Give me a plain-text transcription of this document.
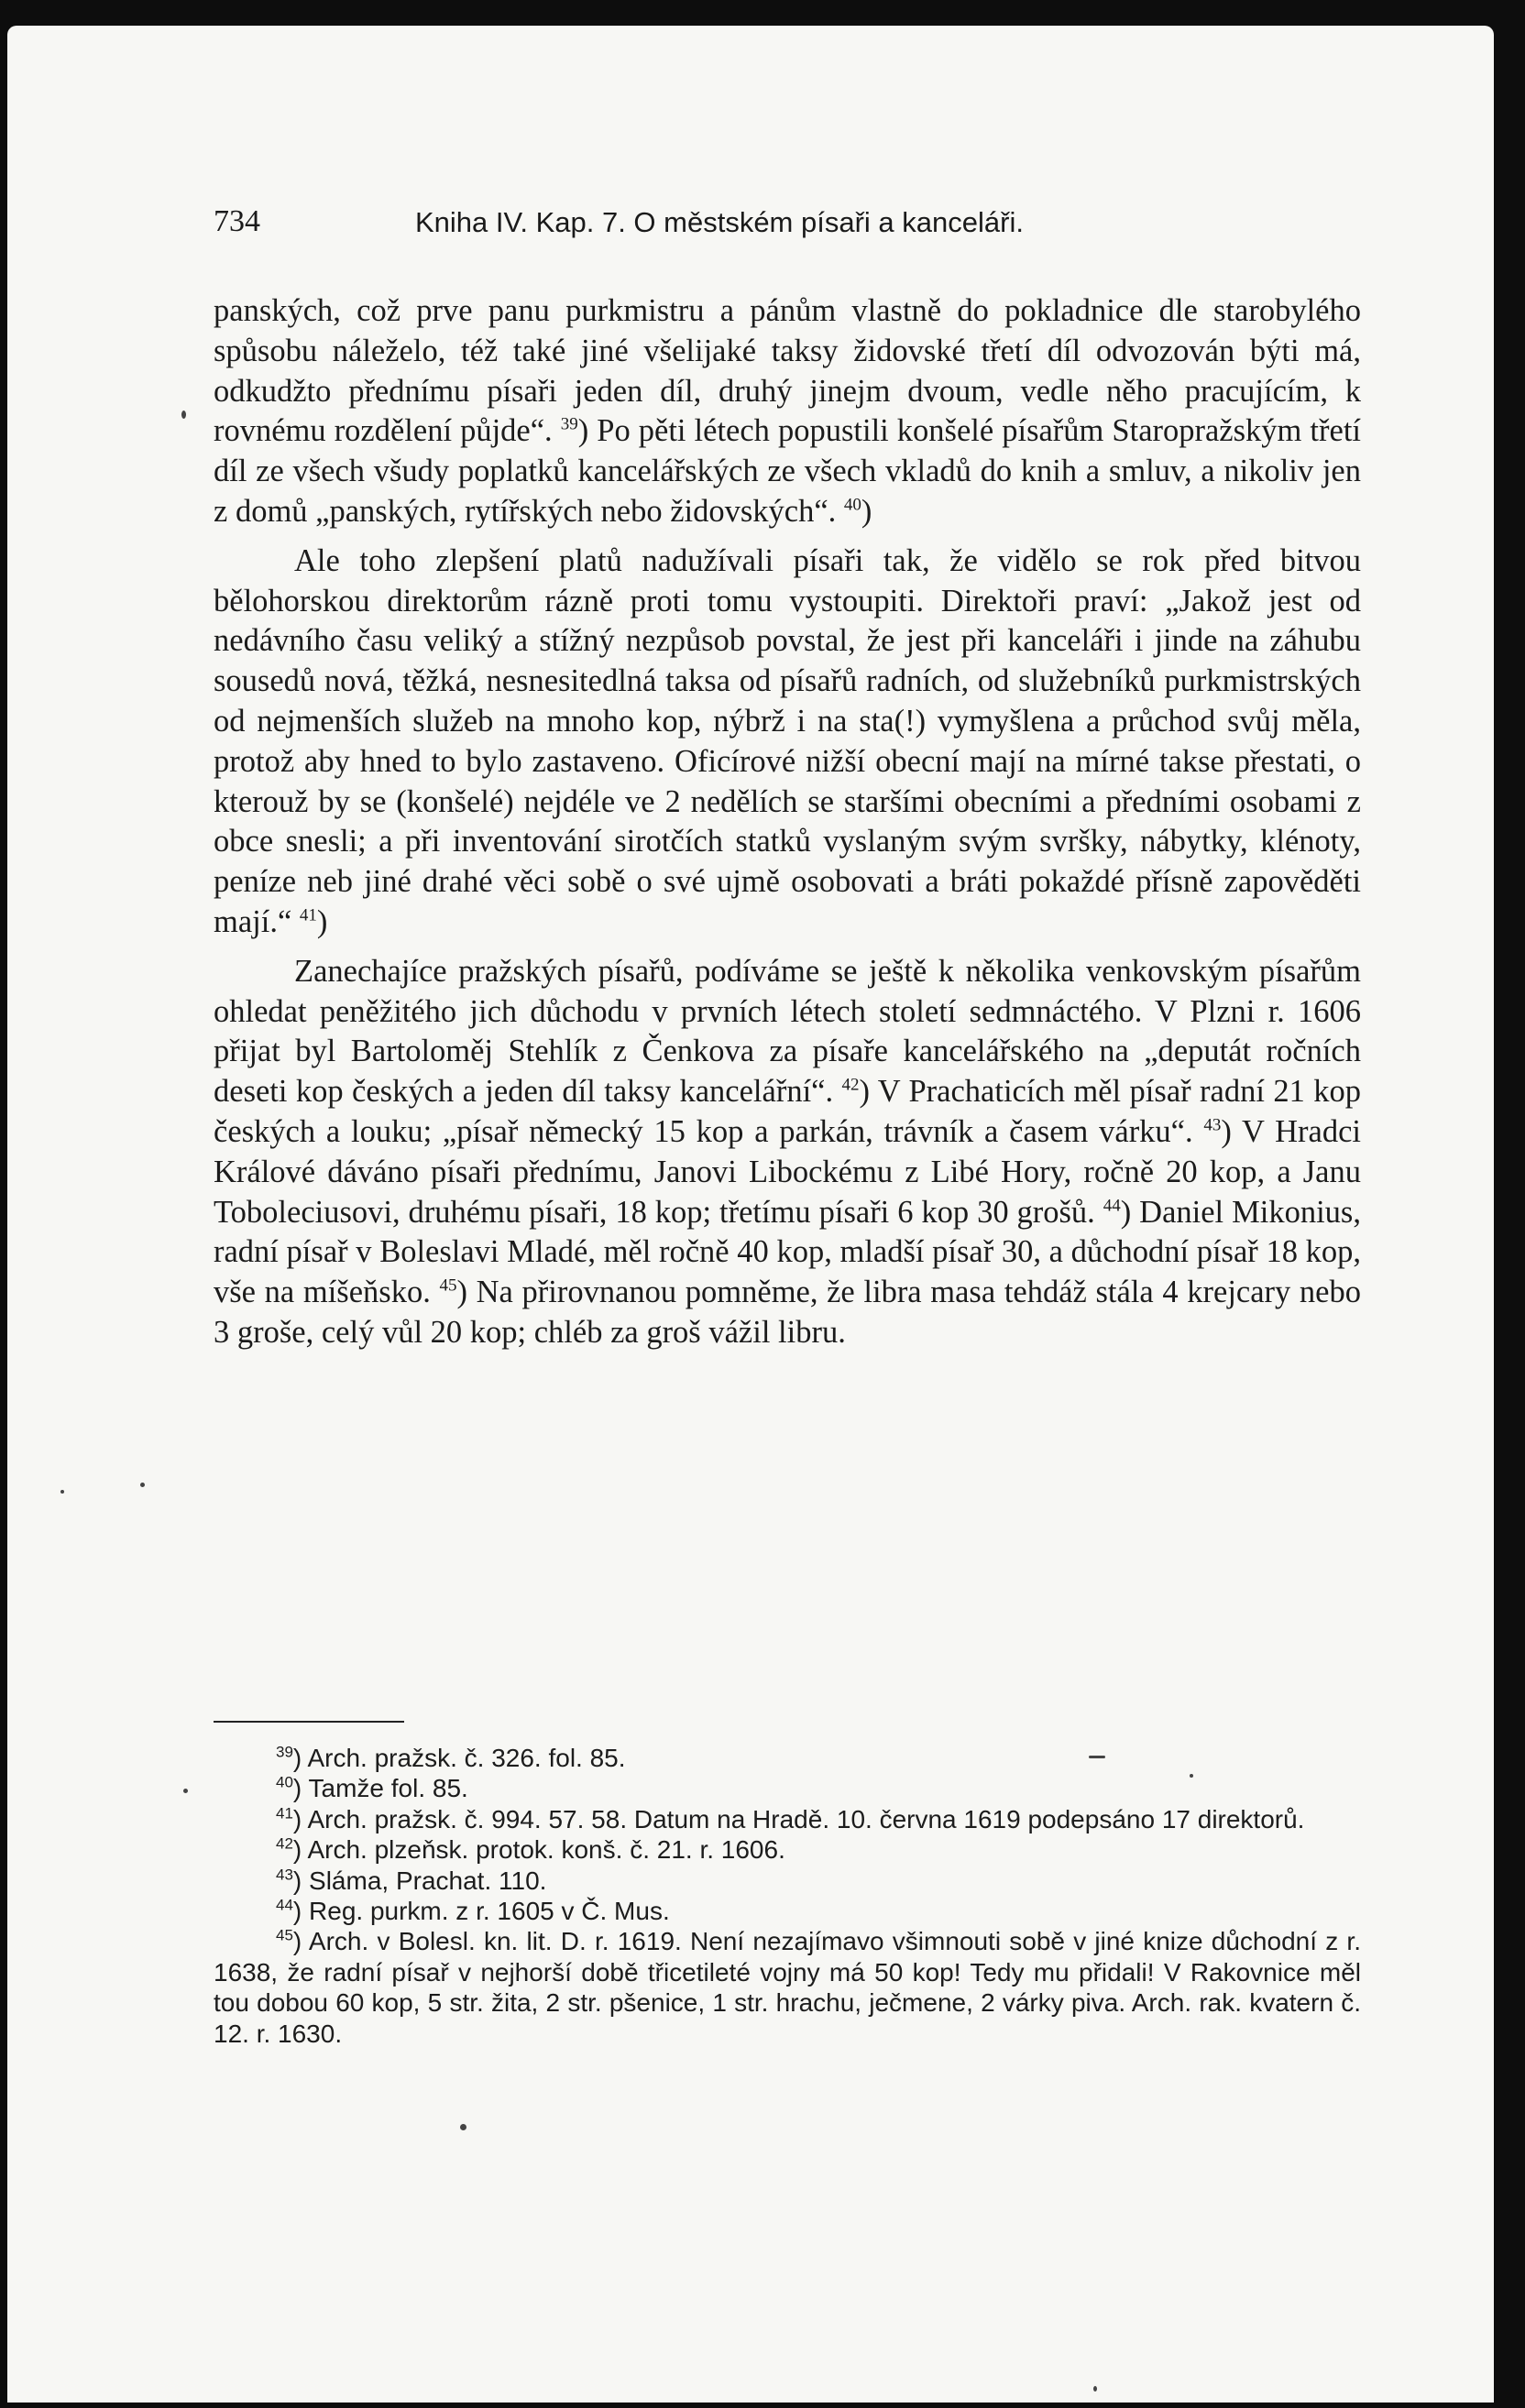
734	Kniha IV. Kap. 7. O městském písaři a kanceláři.

panských, což prve panu purkmistru a pánům vlastně do pokladnice dle starobylého spůsobu náleželo, též také jiné všelijaké taksy židovské třetí díl odvozován býti má, odkudžto přednímu písaři jeden díl, druhý jinejm dvoum, vedle něho pracujícím, k rovnému rozdělení půjde“. $^{39}$) Po pěti létech popustili konšelé písařům Staropražským třetí díl ze všech všudy poplatků kancelářských ze všech vkladů do knih a smluv, a nikoliv jen z domů „panských, rytířských nebo židovských“. $^{40}$)

Ale toho zlepšení platů nadužívali písaři tak, že vidělo se rok před bitvou bělohorskou direktorům rázně proti tomu vystoupiti. Direktoři praví: „Jakož jest od nedávního času veliký a stížný nezpůsob povstal, že jest při kanceláři i jinde na záhubu sousedů nová, těžká, nesnesitedlná taksa od písařů radních, od služebníků purkmistrských od nejmenších služeb na mnoho kop, nýbrž i na sta(!) vymyšlena a průchod svůj měla, protož aby hned to bylo zastaveno. Oficírové nižší obecní mají na mírné takse přestati, o kterouž by se (konšelé) nejdéle ve 2 nedělích se staršími obecními a předními osobami z obce snesli; a při inventování sirotčích statků vyslaným svým svršky, nábytky, klénoty, peníze neb jiné drahé věci sobě o své ujmě osobovati a bráti pokaždé přísně zapověděti mají.“ $^{41}$)

Zanechajíce pražských písařů, podíváme se ještě k několika venkovským písařům ohledat peněžitého jich důchodu v prvních létech století sedmnáctého. V Plzni r. 1606 přijat byl Bartoloměj Stehlík z Čenkova za písaře kancelářského na „deputát ročních deseti kop českých a jeden díl taksy kancelářní“. $^{42}$) V Prachaticích měl písař radní 21 kop českých a louku; „písař německý 15 kop a parkán, trávník a časem várku“. $^{43}$) V Hradci Králové dáváno písaři přednímu, Janovi Libockému z Libé Hory, ročně 20 kop, a Janu Toboleciusovi, druhému písaři, 18 kop; třetímu písaři 6 kop 30 grošů. $^{44}$) Daniel Mikonius, radní písař v Boleslavi Mladé, měl ročně 40 kop, mladší písař 30, a důchodní písař 18 kop, vše na míšeňsko. $^{45}$) Na přirovnanou pomněme, že libra masa tehdáž stála 4 krejcary nebo 3 groše, celý vůl 20 kop; chléb za groš vážil libru.

$^{39}$) Arch. pražsk. č. 326. fol. 85.

$^{40}$) Tamže fol. 85.

$^{41}$) Arch. pražsk. č. 994. 57. 58. Datum na Hradě. 10. června 1619 podepsáno 17 direktorů.

$^{42}$) Arch. plzeňsk. protok. konš. č. 21. r. 1606.

$^{43}$) Sláma, Prachat. 110.

$^{44}$) Reg. purkm. z r. 1605 v Č. Mus.

$^{45}$) Arch. v Bolesl. kn. lit. D. r. 1619. Není nezajímavo všimnouti sobě v jiné knize důchodní z r. 1638, že radní písař v nejhorší době třicetileté vojny má 50 kop! Tedy mu přidali! V Rakovnice měl tou dobou 60 kop, 5 str. žita, 2 str. pšenice, 1 str. hrachu, ječmene, 2 várky piva. Arch. rak. kvatern č. 12. r. 1630.
